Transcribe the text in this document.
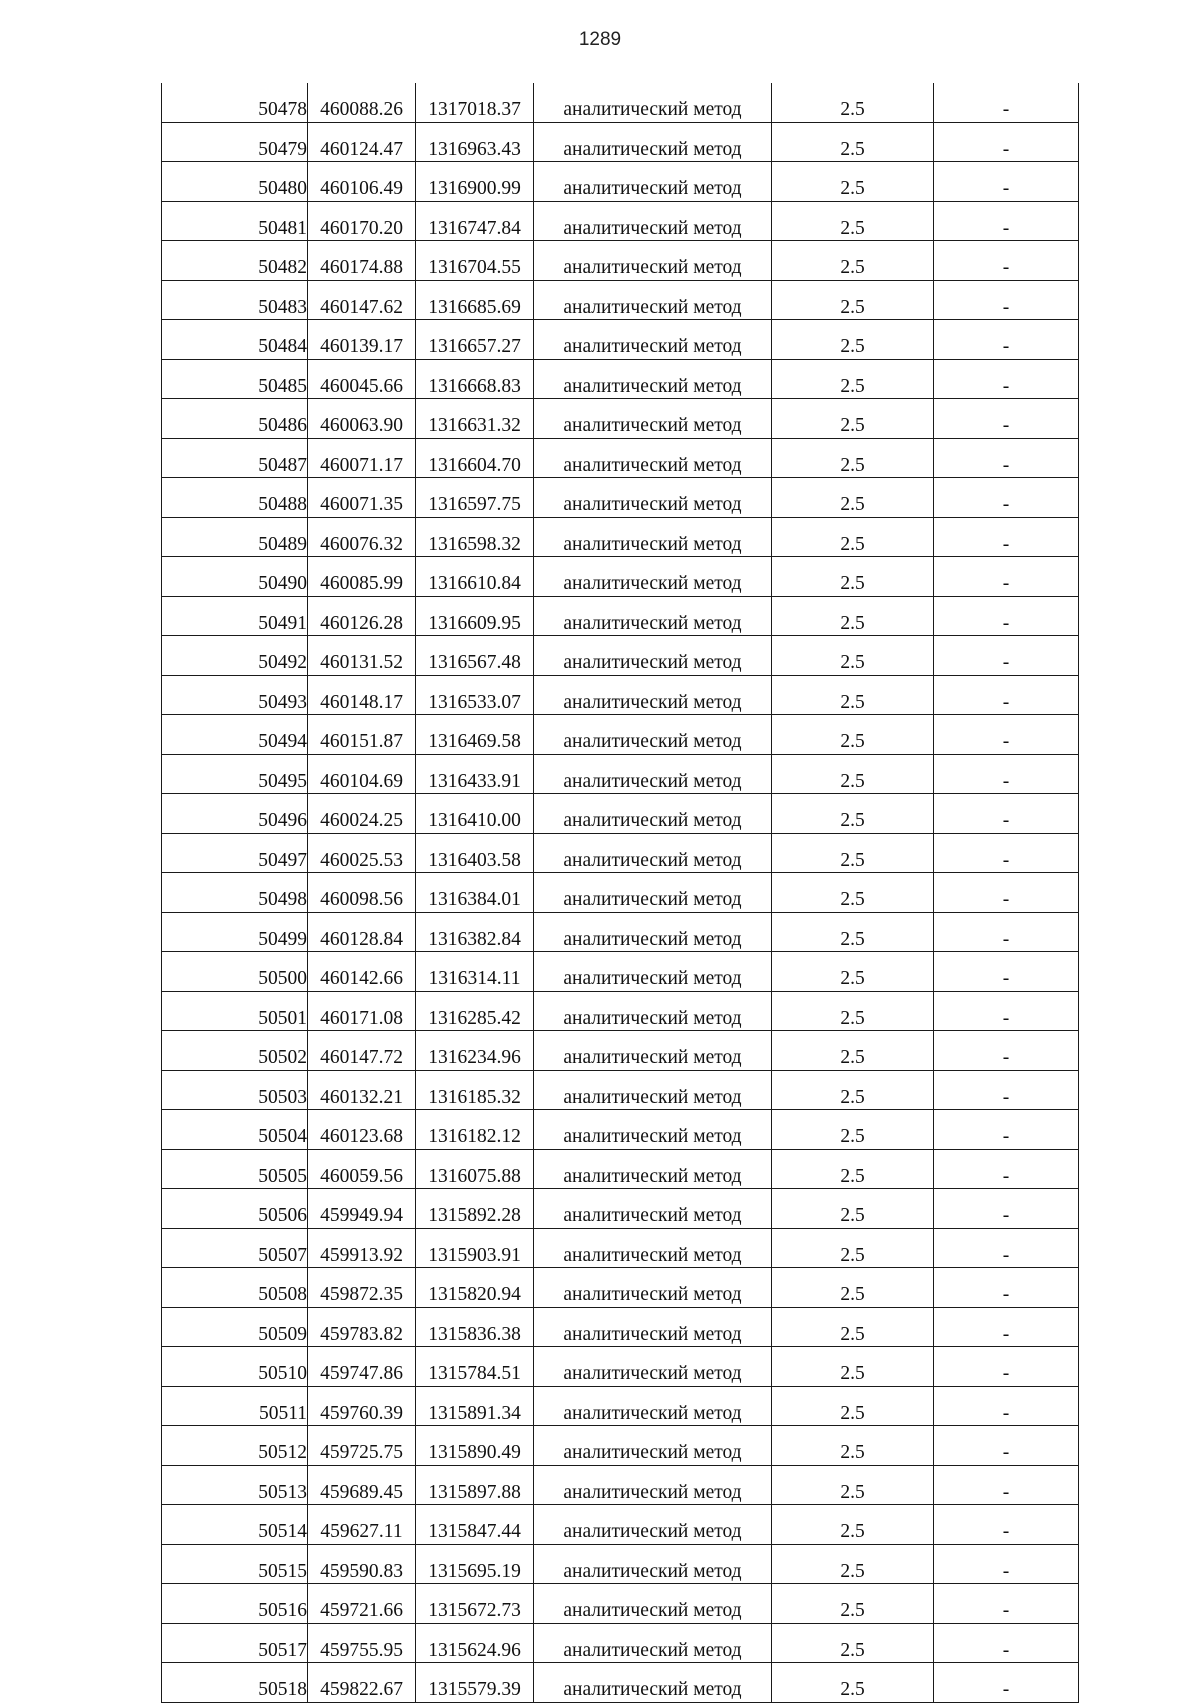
1289
50478	460088.26	1317018.37	аналитический метод	2.5	-
50479	460124.47	1316963.43	аналитический метод	2.5	-
50480	460106.49	1316900.99	аналитический метод	2.5	-
50481	460170.20	1316747.84	аналитический метод	2.5	-
50482	460174.88	1316704.55	аналитический метод	2.5	-
50483	460147.62	1316685.69	аналитический метод	2.5	-
50484	460139.17	1316657.27	аналитический метод	2.5	-
50485	460045.66	1316668.83	аналитический метод	2.5	-
50486	460063.90	1316631.32	аналитический метод	2.5	-
50487	460071.17	1316604.70	аналитический метод	2.5	-
50488	460071.35	1316597.75	аналитический метод	2.5	-
50489	460076.32	1316598.32	аналитический метод	2.5	-
50490	460085.99	1316610.84	аналитический метод	2.5	-
50491	460126.28	1316609.95	аналитический метод	2.5	-
50492	460131.52	1316567.48	аналитический метод	2.5	-
50493	460148.17	1316533.07	аналитический метод	2.5	-
50494	460151.87	1316469.58	аналитический метод	2.5	-
50495	460104.69	1316433.91	аналитический метод	2.5	-
50496	460024.25	1316410.00	аналитический метод	2.5	-
50497	460025.53	1316403.58	аналитический метод	2.5	-
50498	460098.56	1316384.01	аналитический метод	2.5	-
50499	460128.84	1316382.84	аналитический метод	2.5	-
50500	460142.66	1316314.11	аналитический метод	2.5	-
50501	460171.08	1316285.42	аналитический метод	2.5	-
50502	460147.72	1316234.96	аналитический метод	2.5	-
50503	460132.21	1316185.32	аналитический метод	2.5	-
50504	460123.68	1316182.12	аналитический метод	2.5	-
50505	460059.56	1316075.88	аналитический метод	2.5	-
50506	459949.94	1315892.28	аналитический метод	2.5	-
50507	459913.92	1315903.91	аналитический метод	2.5	-
50508	459872.35	1315820.94	аналитический метод	2.5	-
50509	459783.82	1315836.38	аналитический метод	2.5	-
50510	459747.86	1315784.51	аналитический метод	2.5	-
50511	459760.39	1315891.34	аналитический метод	2.5	-
50512	459725.75	1315890.49	аналитический метод	2.5	-
50513	459689.45	1315897.88	аналитический метод	2.5	-
50514	459627.11	1315847.44	аналитический метод	2.5	-
50515	459590.83	1315695.19	аналитический метод	2.5	-
50516	459721.66	1315672.73	аналитический метод	2.5	-
50517	459755.95	1315624.96	аналитический метод	2.5	-
50518	459822.67	1315579.39	аналитический метод	2.5	-
